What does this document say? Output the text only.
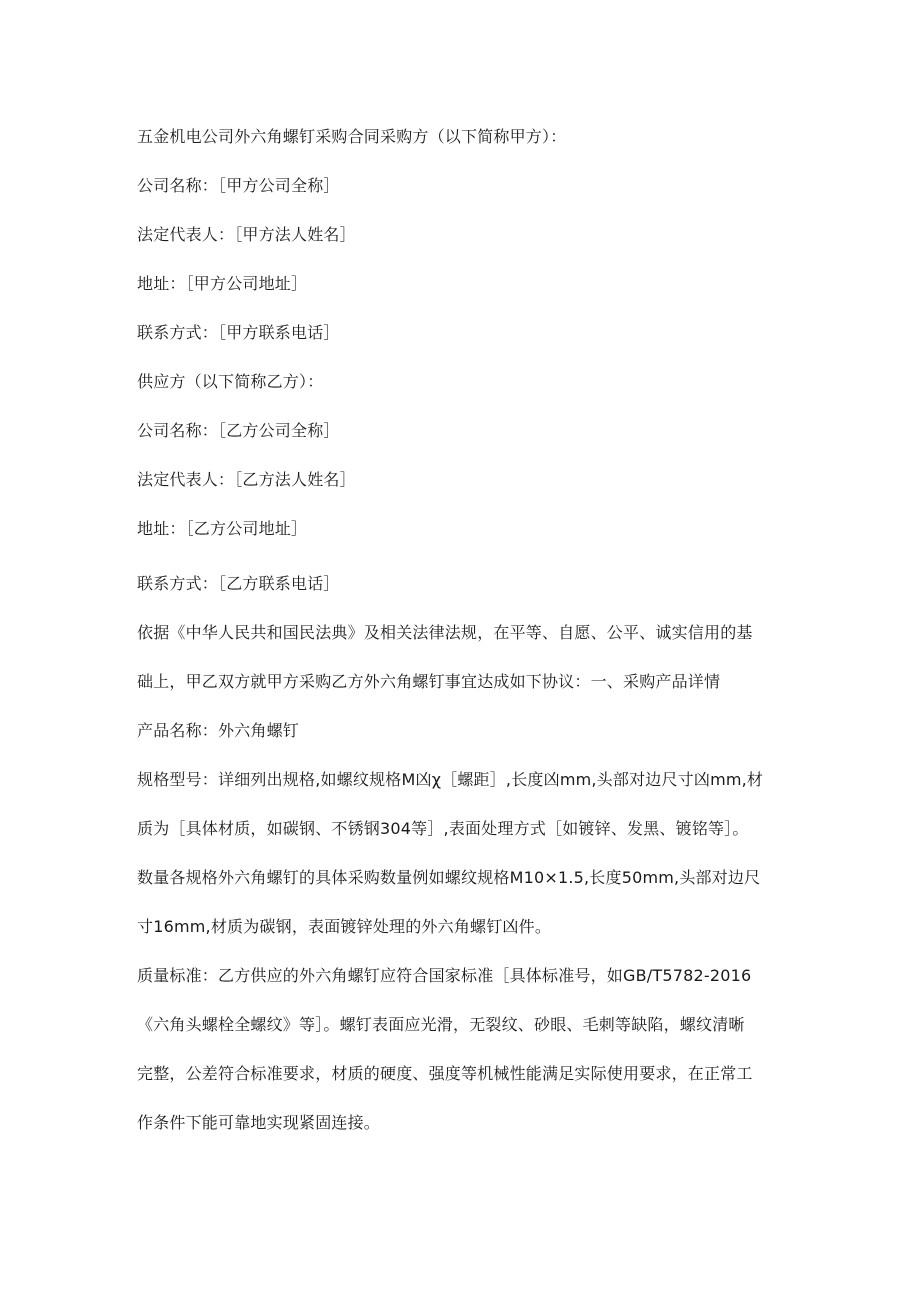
五金机电公司外六角螺钉采购合同采购方（以下简称甲方）：

公司名称：［甲方公司全称］

法定代表人：［甲方法人姓名］

地址：［甲方公司地址］

联系方式：［甲方联系电话］

供应方（以下简称乙方）：

公司名称：［乙方公司全称］

法定代表人：［乙方法人姓名］

地址：［乙方公司地址］

联系方式：［乙方联系电话］

依据《中华人民共和国民法典》及相关法律法规，在平等、自愿、公平、诚实信用的基

础上，甲乙双方就甲方采购乙方外六角螺钉事宜达成如下协议：一、采购产品详情

产品名称：外六角螺钉

规格型号：详细列出规格,如螺纹规格M凶χ［螺距］,长度凶mm,头部对边尺寸凶mm,材

质为［具体材质，如碳钢、不锈钢304等］,表面处理方式［如镀锌、发黑、镀铭等］。

数量各规格外六角螺钉的具体采购数量例如螺纹规格M10×1.5,长度50mm,头部对边尺

寸16mm,材质为碳钢，表面镀锌处理的外六角螺钉凶件。

质量标准：乙方供应的外六角螺钉应符合国家标准［具体标准号，如GB/T5782-2016

《六角头螺栓全螺纹》等］。螺钉表面应光滑，无裂纹、砂眼、毛刺等缺陷，螺纹清晰

完整，公差符合标准要求，材质的硬度、强度等机械性能满足实际使用要求，在正常工

作条件下能可靠地实现紧固连接。
